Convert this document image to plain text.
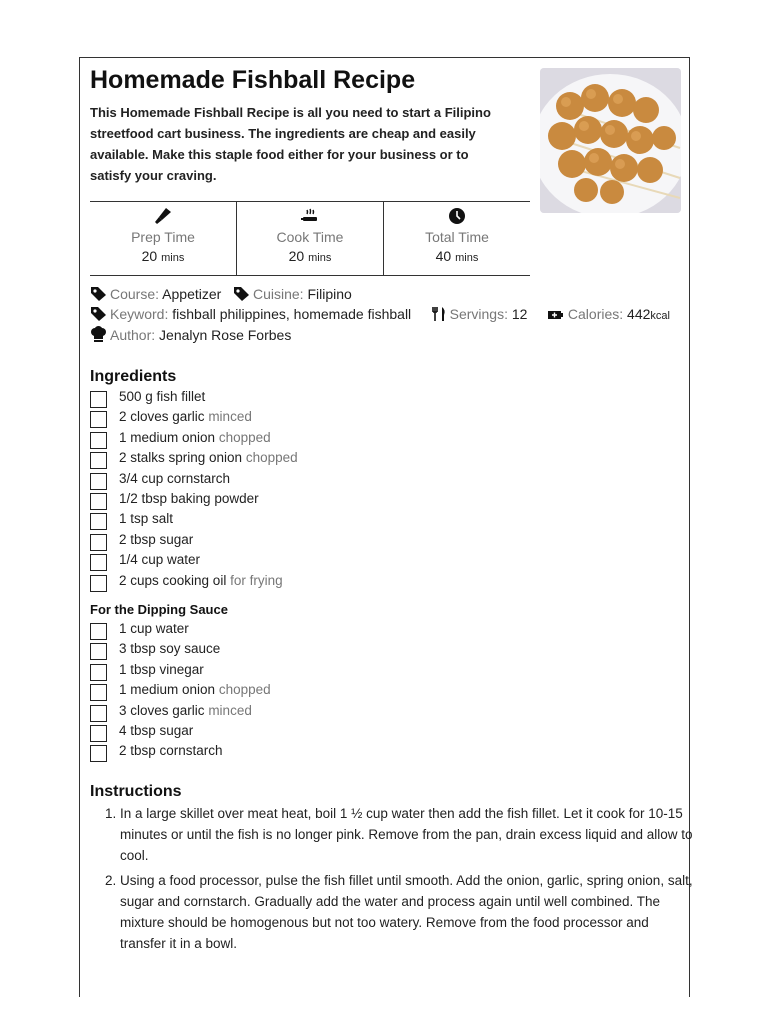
Homemade Fishball Recipe
This Homemade Fishball Recipe is all you need to start a Filipino streetfood cart business. The ingredients are cheap and easily available. Make this staple food either for your business or to satisfy your craving.
Prep Time
20 mins
Cook Time
20 mins
Total Time
40 mins
Course: Appetizer Cuisine: Filipino
Keyword: fishball philippines, homemade fishball	Servings: 12	Calories: 442kcal
Author: Jenalyn Rose Forbes
Ingredients
500 g fish fillet
2 cloves garlic minced
1 medium onion chopped
2 stalks spring onion chopped
3/4 cup cornstarch
1/2 tbsp baking powder
1 tsp salt
2 tbsp sugar
1/4 cup water
2 cups cooking oil for frying
For the Dipping Sauce
1 cup water
3 tbsp soy sauce
1 tbsp vinegar
1 medium onion chopped
3 cloves garlic minced
4 tbsp sugar
2 tbsp cornstarch
Instructions
1. In a large skillet over meat heat, boil 1 ½ cup water then add the fish fillet. Let it cook for 10-15 minutes or until the fish is no longer pink. Remove from the pan, drain excess liquid and allow to cool.
2. Using a food processor, pulse the fish fillet until smooth. Add the onion, garlic, spring onion, salt, sugar and cornstarch. Gradually add the water and process again until well combined. The mixture should be homogenous but not too watery. Remove from the food processor and transfer it in a bowl.
